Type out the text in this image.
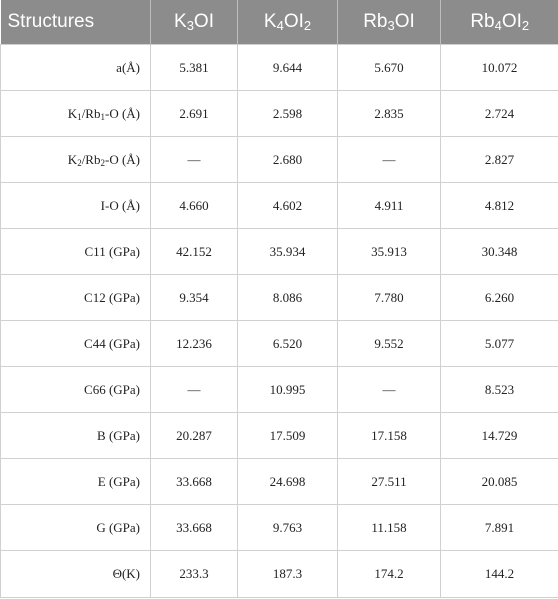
Structures	$K_3OI$	$K_4OI_2$	$Rb_3OI$	$Rb_4OI_2$
a(Å)	5.381	9.644	5.670	10.072
$K_1/Rb_1-O$ (Å)	2.691	2.598	2.835	2.724
$K_2/Rb_2-O$ (Å)	—	2.680	—	2.827
I-O (Å)	4.660	4.602	4.911	4.812
C11 (GPa)	42.152	35.934	35.913	30.348
C12 (GPa)	9.354	8.086	7.780	6.260
C44 (GPa)	12.236	6.520	9.552	5.077
C66 (GPa)	—	10.995	—	8.523
B (GPa)	20.287	17.509	17.158	14.729
E (GPa)	33.668	24.698	27.511	20.085
G (GPa)	33.668	9.763	11.158	7.891
Θ(K)	233.3	187.3	174.2	144.2
